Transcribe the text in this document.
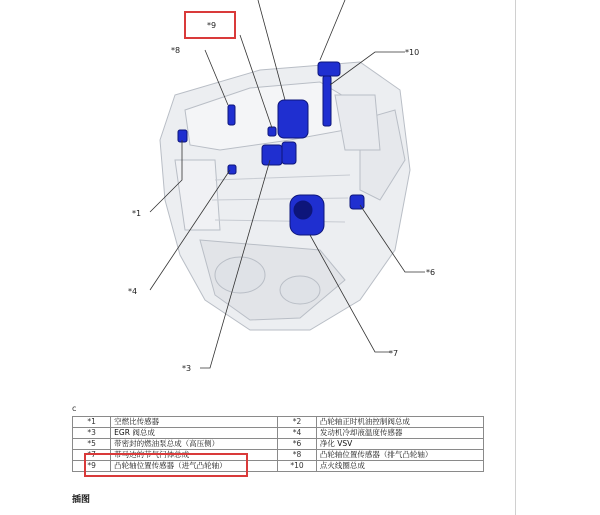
*1
*4
*3
*8
*9
*10
*6
*7
c
*1	空燃比传感器	*2	凸轮轴正时机油控制阀总成
*3	EGR 阀总成	*4	发动机冷却液温度传感器
*5	带密封的燃油泵总成（高压侧）	*6	净化 VSV
*7	带马达的节气门体总成	*8	凸轮轴位置传感器（排气凸轮轴）
*9	凸轮轴位置传感器（进气凸轮轴）	*10	点火线圈总成
插图
